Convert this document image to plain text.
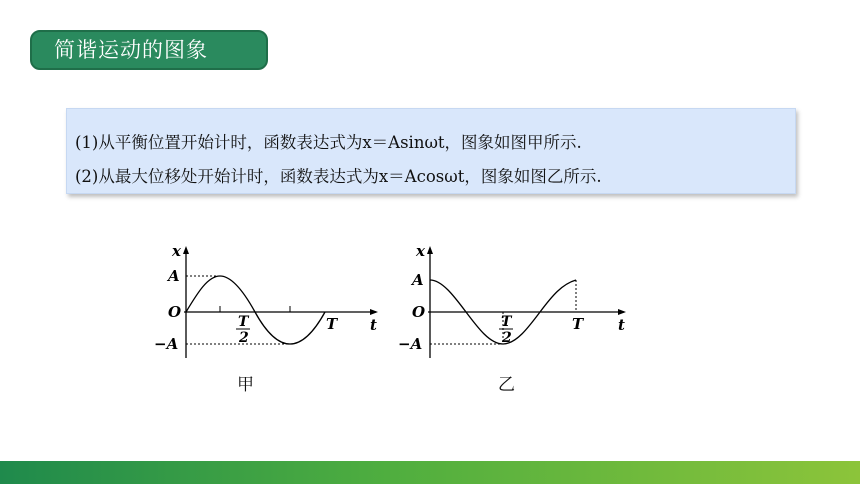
简谐运动的图象
(1)从平衡位置开始计时，函数表达式为x＝Asinωt，图象如图甲所示.
(2)从最大位移处开始计时，函数表达式为x＝Acosωt，图象如图乙所示.
x
t
A
−A
O
T
2
T
x
t
A
−A
O
T
2
T
甲	乙
